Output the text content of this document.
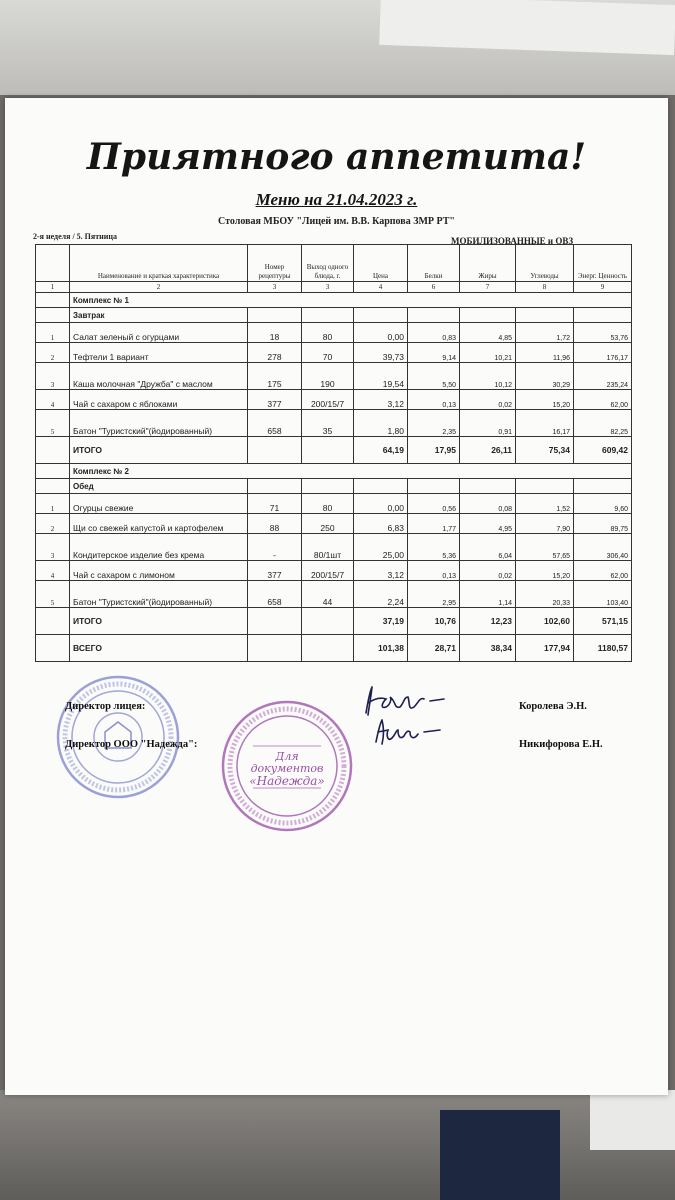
Приятного аппетита!
Меню на 21.04.2023 г.
Столовая МБОУ "Лицей им. В.В. Карпова ЗМР РТ"
2-я неделя / 5. Пятница	МОБИЛИЗОВАННЫЕ и ОВЗ
	Наименование и краткая характеристика	Номер рецептуры	Выход одного блюда, г.	Цена	Белки	Жиры	Углеводы	Энерг. Ценность
1	2	3	3	4	6	7	8	9
	Комплекс № 1							
	Завтрак							
1	Салат зеленый с огурцами	18	80	0,00	0,83	4,85	1,72	53,76
2	Тефтели 1 вариант	278	70	39,73	9,14	10,21	11,96	176,17
3	Каша молочная "Дружба" с маслом	175	190	19,54	5,50	10,12	30,29	235,24
4	Чай с сахаром с яблоками	377	200/15/7	3,12	0,13	0,02	15,20	62,00
5	Батон "Туристский"(йодированный)	658	35	1,80	2,35	0,91	16,17	82,25
	ИТОГО			64,19	17,95	26,11	75,34	609,42
	Комплекс № 2							
	Обед							
1	Огурцы свежие	71	80	0,00	0,56	0,08	1,52	9,60
2	Щи со свежей капустой и картофелем	88	250	6,83	1,77	4,95	7,90	89,75
3	Кондитерское изделие без крема	-	80/1шт	25,00	5,36	6,04	57,65	306,40
4	Чай с сахаром с лимоном	377	200/15/7	3,12	0,13	0,02	15,20	62,00
5	Батон "Туристский"(йодированный)	658	44	2,24	2,95	1,14	20,33	103,40
	ИТОГО			37,19	10,76	12,23	102,60	571,15
	ВСЕГО			101,38	28,71	38,34	177,94	1180,57
Для
документов
«Надежда»
Директор лицея:
Директор ООО "Надежда":
Королева Э.Н.
Никифорова Е.Н.
